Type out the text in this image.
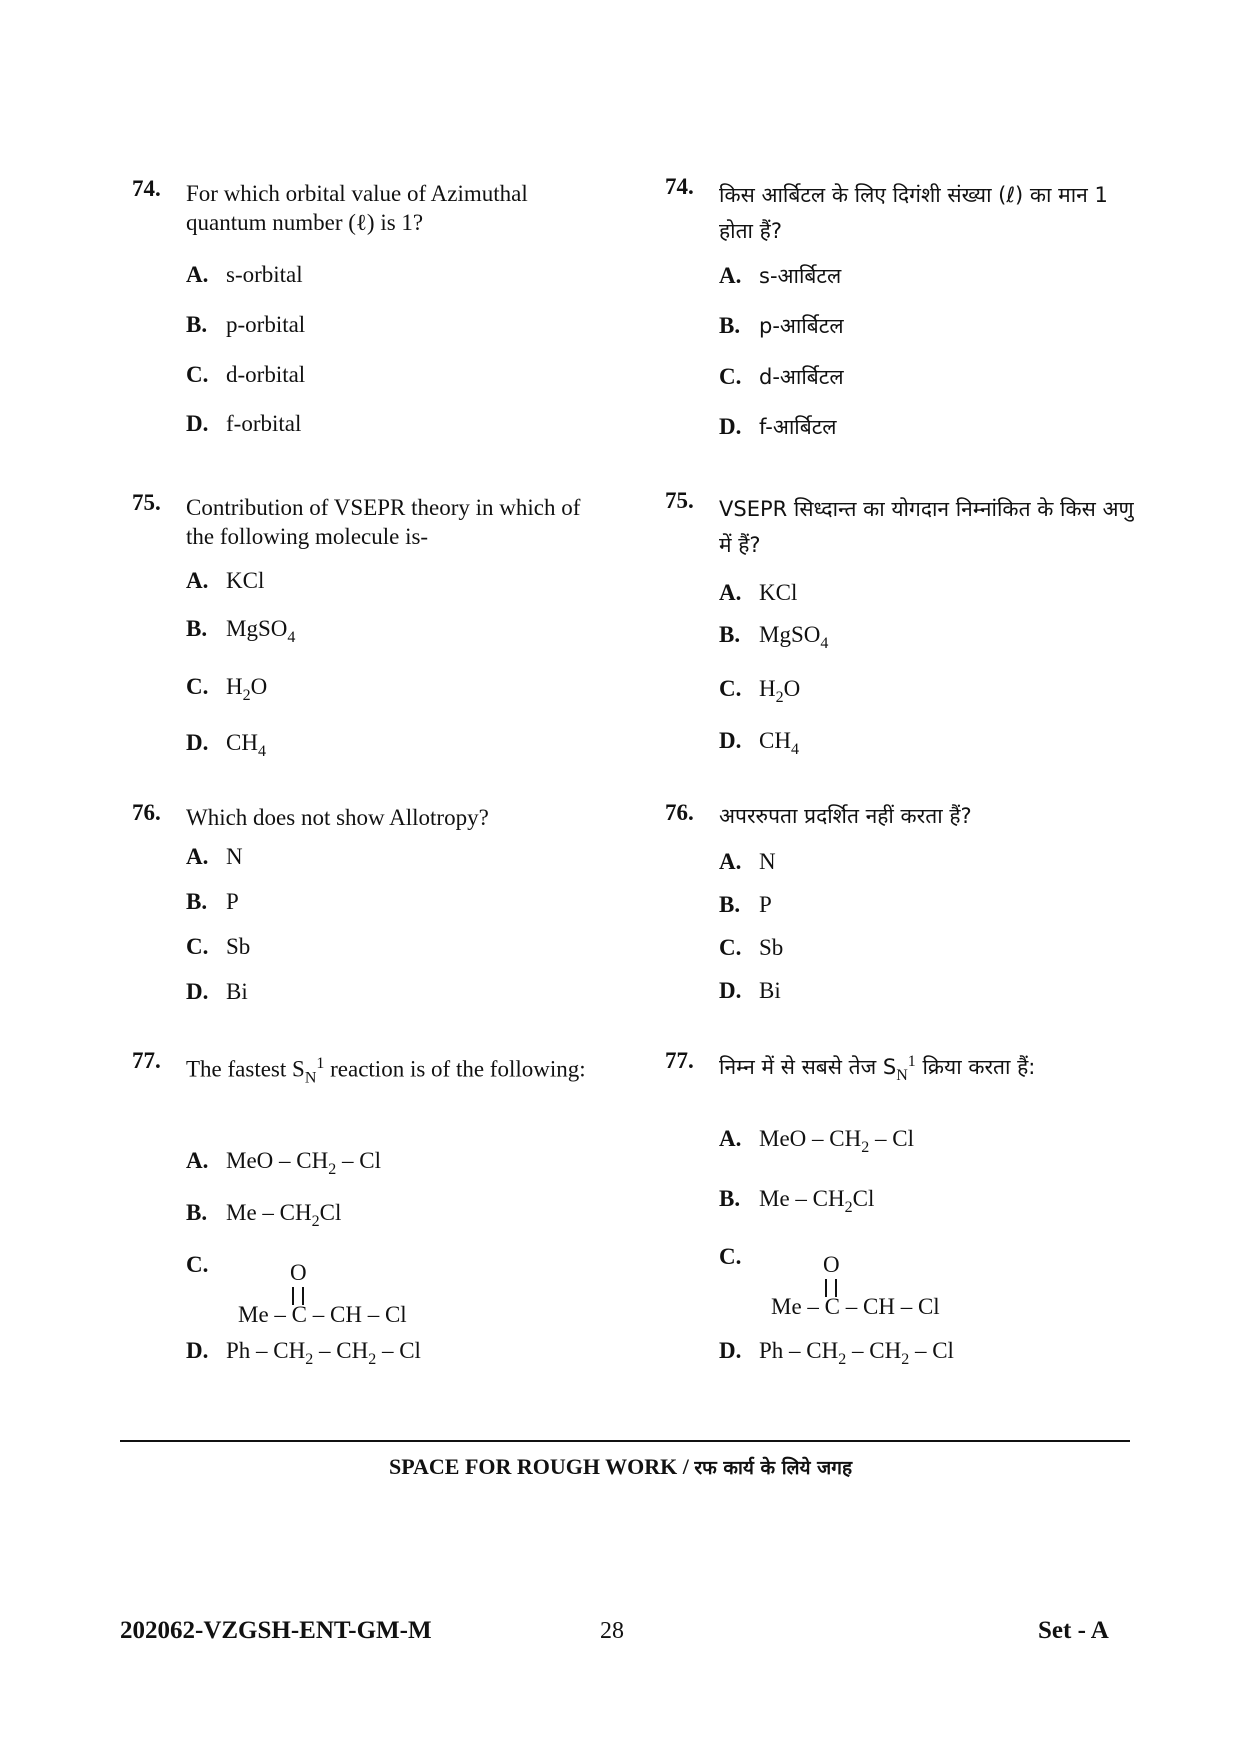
74. For which orbital value of Azimuthal quantum number (ℓ) is 1?
A. s-orbital
B. p-orbital
C. d-orbital
D. f-orbital
75. Contribution of VSEPR theory in which of the following molecule is-
A. KCl
B. MgSO$_4$
C. $H_2O$
D. $CH_4$
76. Which does not show Allotropy?
A. N
B. P
C. Sb
D. Bi
77. The fastest $S_N^1$ reaction is of the following:
A. MeO – $CH_2$ – Cl
B. Me – $CH_2Cl$
C.	O
Me – C – CH – Cl
D. Ph – $CH_2 - CH_2$ – Cl
74. किस आर्बिटल के लिए दिगंशी संख्या (ℓ) का मान 1 होता हैं?
A. s-आर्बिटल
B. p-आर्बिटल
C. d-आर्बिटल
D. f-आर्बिटल
75. VSEPR सिध्दान्त का योगदान निम्नांकित के किस अणु में हैं?
A. KCl
B. MgSO$_4$
C. $H_2O$
D. $CH_4$
76. अपररुपता प्रदर्शित नहीं करता हैं?
A. N
B. P
C. Sb
D. Bi
77. निम्न में से सबसे तेज $S_N^1$ क्रिया करता हैं:
A. MeO – $CH_2$ – Cl
B. Me – $CH_2Cl$
C.	O
Me – C – CH – Cl
D. Ph – $CH_2 - CH_2$ – Cl
SPACE FOR ROUGH WORK / रफ कार्य के लिये जगह
202062-VZGSH-ENT-GM-M	28	Set - A
